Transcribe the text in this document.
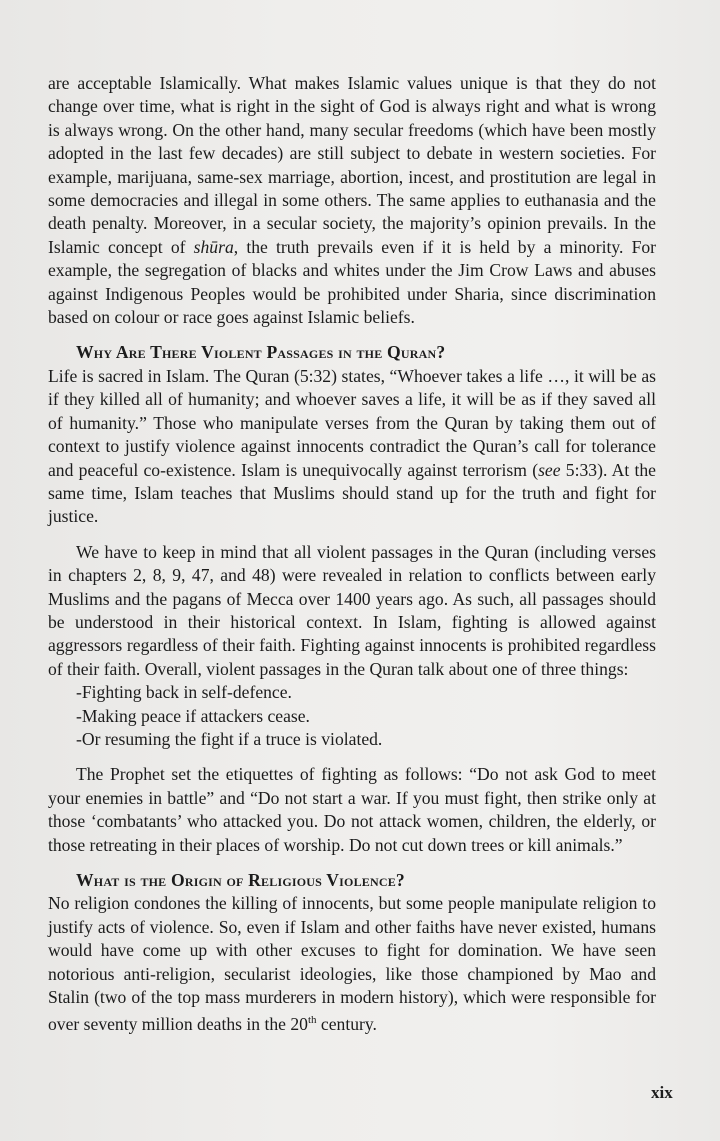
are acceptable Islamically. What makes Islamic values unique is that they do not change over time, what is right in the sight of God is always right and what is wrong is always wrong. On the other hand, many secular freedoms (which have been mostly adopted in the last few decades) are still subject to debate in western societies. For example, marijuana, same-sex marriage, abortion, incest, and prostitution are legal in some democracies and illegal in some others. The same applies to euthanasia and the death penalty. Moreover, in a secular society, the majority’s opinion prevails. In the Islamic concept of shūra, the truth prevails even if it is held by a minority. For example, the segregation of blacks and whites under the Jim Crow Laws and abuses against Indigenous Peoples would be prohibited under Sharia, since discrimination based on colour or race goes against Islamic beliefs.

Why Are There Violent Passages in the Quran?

Life is sacred in Islam. The Quran (5:32) states, “Whoever takes a life …, it will be as if they killed all of humanity; and whoever saves a life, it will be as if they saved all of humanity.” Those who manipulate verses from the Quran by taking them out of context to justify violence against innocents contradict the Quran’s call for tolerance and peaceful co-existence. Islam is unequivocally against terrorism (see 5:33). At the same time, Islam teaches that Muslims should stand up for the truth and fight for justice.

We have to keep in mind that all violent passages in the Quran (including verses in chapters 2, 8, 9, 47, and 48) were revealed in relation to conflicts between early Muslims and the pagans of Mecca over 1400 years ago. As such, all passages should be understood in their historical context. In Islam, fighting is allowed against aggressors regardless of their faith. Fighting against innocents is prohibited regardless of their faith. Overall, violent passages in the Quran talk about one of three things:

-Fighting back in self-defence.
-Making peace if attackers cease.
-Or resuming the fight if a truce is violated.

The Prophet set the etiquettes of fighting as follows: “Do not ask God to meet your enemies in battle” and “Do not start a war. If you must fight, then strike only at those ‘combatants’ who attacked you. Do not attack women, children, the elderly, or those retreating in their places of worship. Do not cut down trees or kill animals.”

What is the Origin of Religious Violence?

No religion condones the killing of innocents, but some people manipulate religion to justify acts of violence. So, even if Islam and other faiths have never existed, humans would have come up with other excuses to fight for domination. We have seen notorious anti-religion, secularist ideologies, like those championed by Mao and Stalin (two of the top mass murderers in modern history), which were responsible for over seventy million deaths in the 20th century.

xix
